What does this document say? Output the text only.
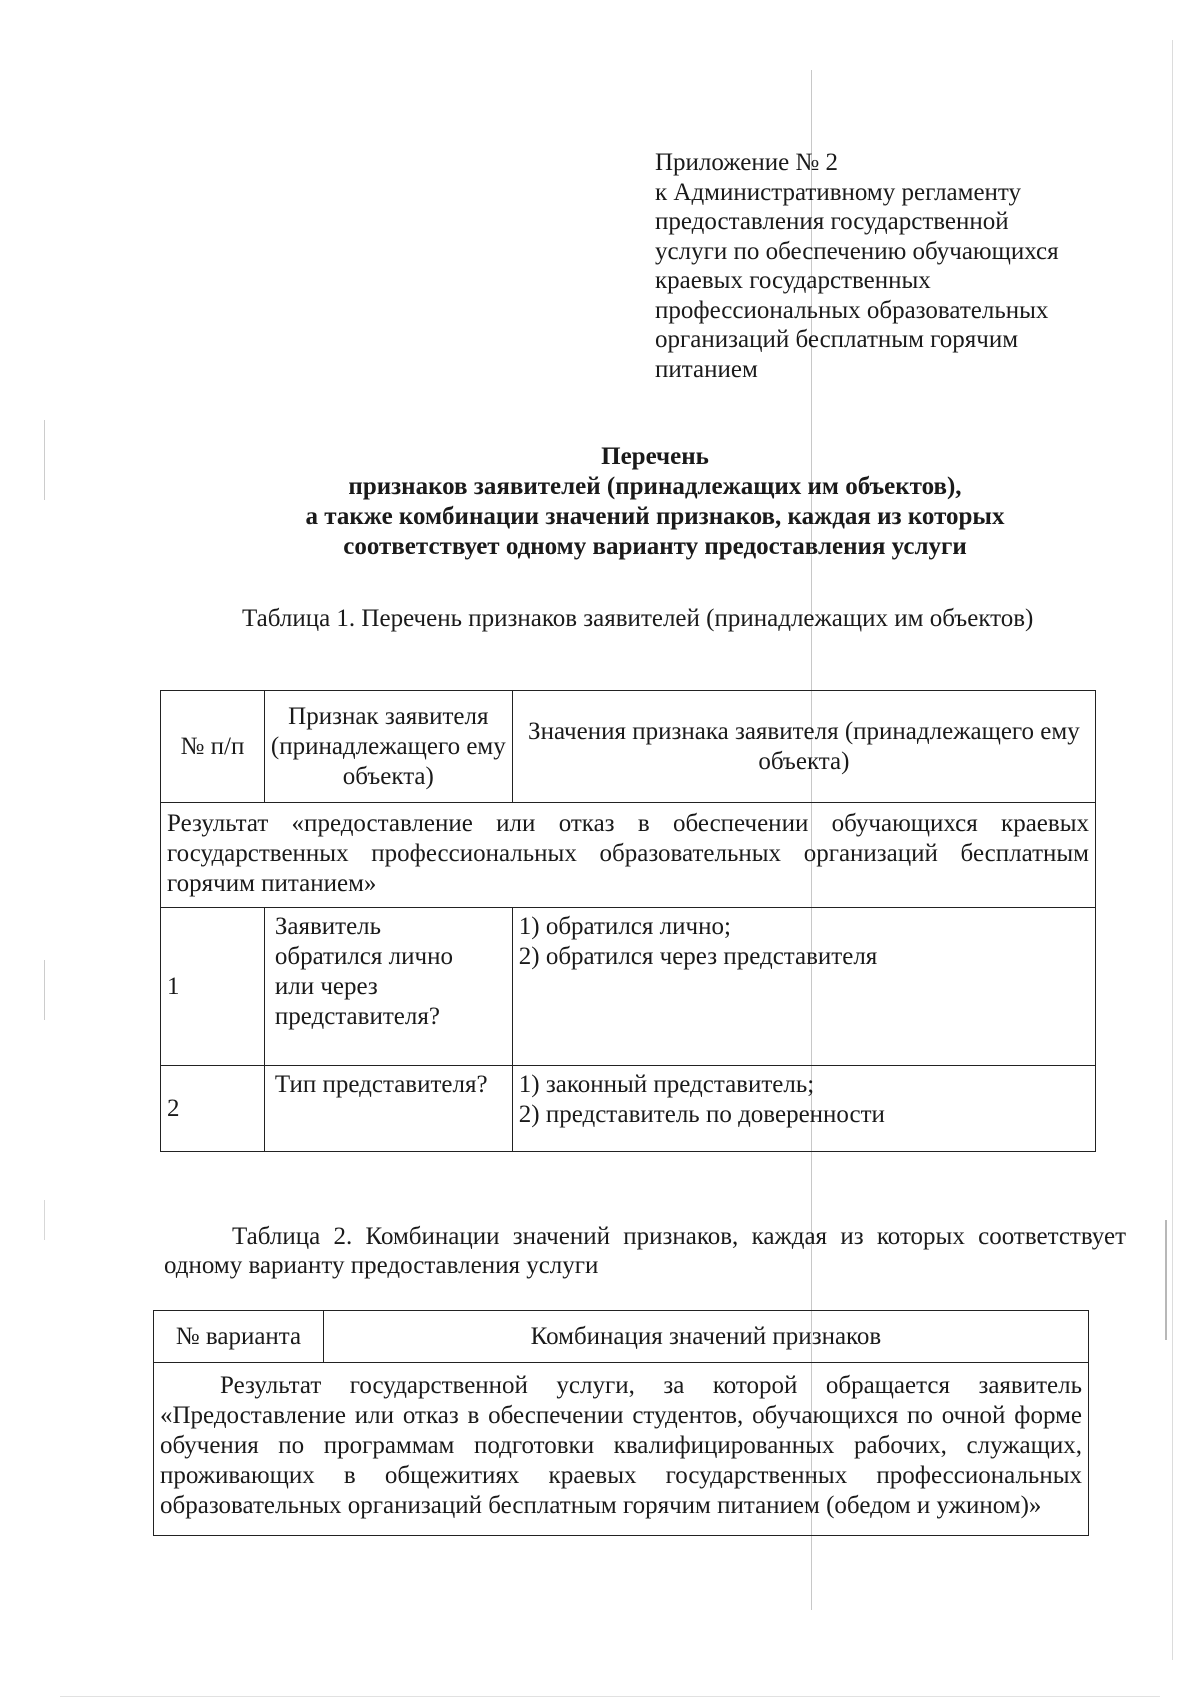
Приложение № 2
к Административному регламенту
предоставления государственной
услуги по обеспечению обучающихся
краевых государственных
профессиональных образовательных
организаций бесплатным горячим
питанием
Перечень
признаков заявителей (принадлежащих им объектов),
а также комбинации значений признаков, каждая из которых
соответствует одному варианту предоставления услуги
Таблица 1. Перечень признаков заявителей (принадлежащих им объектов)
№ п/п	Признак заявителя (принадлежащего ему объекта)	Значения признака заявителя (принадлежащего ему объекта)
Результат «предоставление или отказ в обеспечении обучающихся краевых государственных профессиональных образовательных организаций бесплатным горячим питанием»		
1	Заявитель обратился лично или через представителя?	1) обратился лично;
2) обратился через представителя

2	Тип представителя?	1) законный представитель;
2) представитель по доверенности
Таблица 2. Комбинации значений признаков, каждая из которых соответствует одному варианту предоставления услуги
№ варианта	Комбинация значений признаков
Результат государственной услуги, за которой обращается заявитель «Предоставление или отказ в обеспечении студентов, обучающихся по очной форме обучения по программам подготовки квалифицированных рабочих, служащих, проживающих в общежитиях краевых государственных профессиональных образовательных организаций бесплатным горячим питанием (обедом и ужином)»
